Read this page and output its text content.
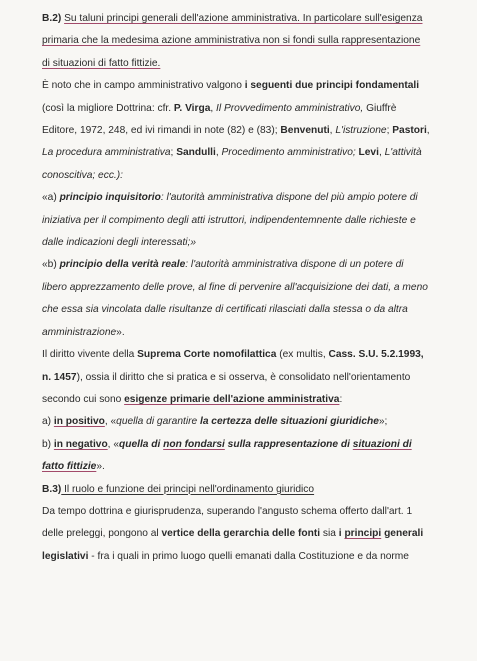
B.2) Su taluni principi generali dell'azione amministrativa. In particolare sull'esigenza
primaria che la medesima azione amministrativa non si fondi sulla rappresentazione
di situazioni di fatto fittizie.
È noto che in campo amministrativo valgono i seguenti due principi fondamentali
(così la migliore Dottrina: cfr. P. Virga, Il Provvedimento amministrativo, Giuffrè
Editore, 1972, 248, ed ivi rimandi in note (82) e (83); Benvenuti, L'istruzione; Pastori,
La procedura amministrativa; Sandulli, Procedimento amministrativo; Levi, L'attività
conoscitiva; ecc.):
«a) principio inquisitorio: l'autorità amministrativa dispone del più ampio potere di
iniziativa per il compimento degli atti istruttori, indipendentemnente dalle richieste e
dalle indicazioni degli interessati;»
«b) principio della verità reale: l'autorità amministrativa dispone di un potere di
libero apprezzamento delle prove, al fine di pervenire all'acquisizione dei dati, a meno
che essa sia vincolata dalle risultanze di certificati rilasciati dalla stessa o da altra
amministrazione».
Il diritto vivente della Suprema Corte nomofilattica (ex multis, Cass. S.U. 5.2.1993,
n. 1457), ossia il diritto che si pratica e si osserva, è consolidato nell'orientamento
secondo cui sono esigenze primarie dell'azione amministrativa:
a) in positivo, «quella di garantire la certezza delle situazioni giuridiche»;
b) in negativo, «quella di non fondarsi sulla rappresentazione di situazioni di
fatto fittizie».
B.3) Il ruolo e funzione dei principi nell'ordinamento giuridico
Da tempo dottrina e giurisprudenza, superando l'angusto schema offerto dall'art. 1
delle preleggi, pongono al vertice della gerarchia delle fonti sia i principi generali
legislativi - fra i quali in primo luogo quelli emanati dalla Costituzione e da norme
